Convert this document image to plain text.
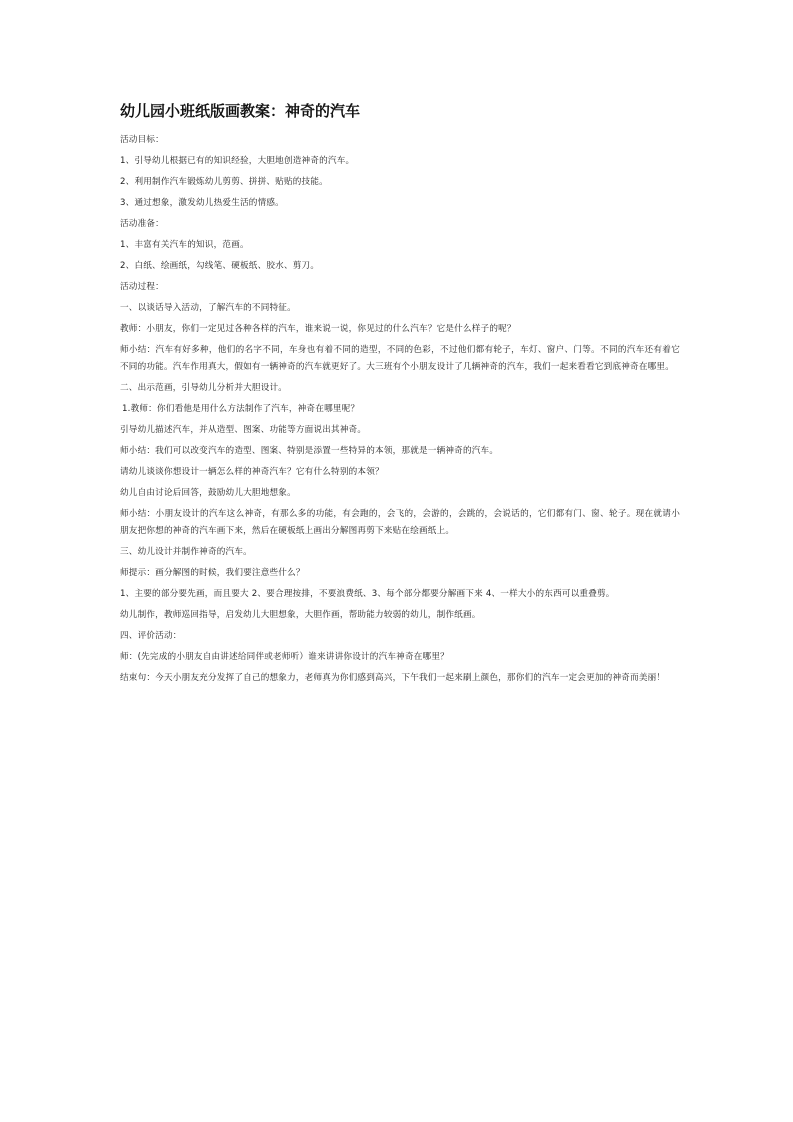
幼儿园小班纸版画教案：神奇的汽车

活动目标：

1、引导幼儿根据已有的知识经验，大胆地创造神奇的汽车。

2、利用制作汽车锻炼幼儿剪剪、拼拼、贴贴的技能。

3、通过想象，激发幼儿热爱生活的情感。

活动准备：

1、丰富有关汽车的知识，范画。

2、白纸、绘画纸，勾线笔、硬板纸、胶水、剪刀。

活动过程：

一、以谈话导入活动，了解汽车的不同特征。

教师：小朋友，你们一定见过各种各样的汽车，谁来说一说，你见过的什么汽车？它是什么样子的呢？

师小结：汽车有好多种，他们的名字不同，车身也有着不同的造型，不同的色彩，不过他们都有轮子，车灯、窗户、门等。不同的汽车还有着它不同的功能。汽车作用真大，假如有一辆神奇的汽车就更好了。大三班有个小朋友设计了几辆神奇的汽车，我们一起来看看它到底神奇在哪里。

二、出示范画，引导幼儿分析并大胆设计。

1.教师：你们看他是用什么方法制作了汽车，神奇在哪里呢？

引导幼儿描述汽车，并从造型、图案、功能等方面说出其神奇。

师小结：我们可以改变汽车的造型、图案、特别是添置一些特异的本领，那就是一辆神奇的汽车。

请幼儿谈谈你想设计一辆怎么样的神奇汽车？它有什么特别的本领？

幼儿自由讨论后回答，鼓励幼儿大胆地想象。

师小结：小朋友设计的汽车这么神奇，有那么多的功能，有会跑的，会飞的，会游的，会跳的，会说话的，它们都有门、窗、轮子。现在就请小朋友把你想的神奇的汽车画下来，然后在硬板纸上画出分解图再剪下来贴在绘画纸上。

三、幼儿设计并制作神奇的汽车。

师提示：画分解图的时候，我们要注意些什么？

1、主要的部分要先画，而且要大 2、要合理按排，不要浪费纸、3、每个部分都要分解画下来 4、一样大小的东西可以重叠剪。

幼儿制作，教师巡回指导，启发幼儿大胆想象，大胆作画，帮助能力较弱的幼儿，制作纸画。

四、评价活动：

师：(先完成的小朋友自由讲述给同伴或老师听）谁来讲讲你设计的汽车神奇在哪里？

结束句：今天小朋友充分发挥了自己的想象力，老师真为你们感到高兴，下午我们一起来刷上颜色，那你们的汽车一定会更加的神奇而美丽！
